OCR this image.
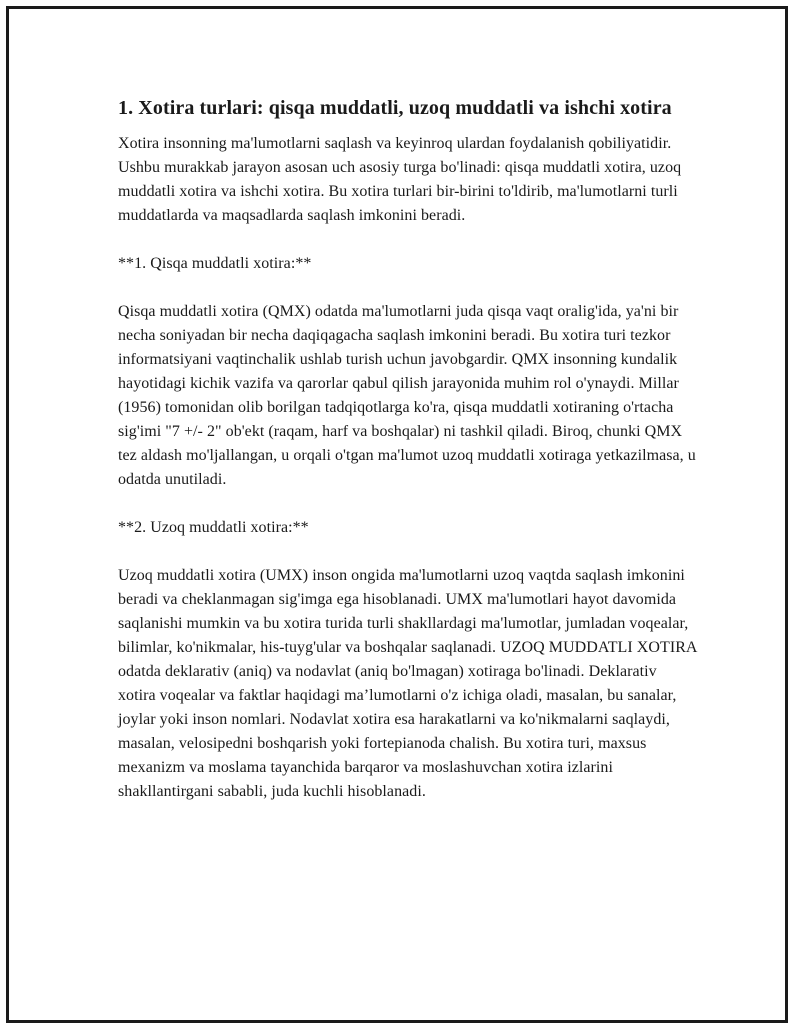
1. Xotira turlari: qisqa muddatli, uzoq muddatli va ishchi xotira

Xotira insonning ma'lumotlarni saqlash va keyinroq ulardan foydalanish qobiliyatidir. Ushbu murakkab jarayon asosan uch asosiy turga bo'linadi: qisqa muddatli xotira, uzoq muddatli xotira va ishchi xotira. Bu xotira turlari bir-birini to'ldirib, ma'lumotlarni turli muddatlarda va maqsadlarda saqlash imkonini beradi.

**1. Qisqa muddatli xotira:**

Qisqa muddatli xotira (QMX) odatda ma'lumotlarni juda qisqa vaqt oralig'ida, ya'ni bir necha soniyadan bir necha daqiqagacha saqlash imkonini beradi. Bu xotira turi tezkor informatsiyani vaqtinchalik ushlab turish uchun javobgardir. QMX insonning kundalik hayotidagi kichik vazifa va qarorlar qabul qilish jarayonida muhim rol o'ynaydi. Millar (1956) tomonidan olib borilgan tadqiqotlarga ko'ra, qisqa muddatli xotiraning o'rtacha sig'imi "7 +/- 2" ob'ekt (raqam, harf va boshqalar) ni tashkil qiladi. Biroq, chunki QMX tez aldash mo'ljallangan, u orqali o'tgan ma'lumot uzoq muddatli xotiraga yetkazilmasa, u odatda unutiladi.

**2. Uzoq muddatli xotira:**

Uzoq muddatli xotira (UMX) inson ongida ma'lumotlarni uzoq vaqtda saqlash imkonini beradi va cheklanmagan sig'imga ega hisoblanadi. UMX ma'lumotlari hayot davomida saqlanishi mumkin va bu xotira turida turli shakllardagi ma'lumotlar, jumladan voqealar, bilimlar, ko'nikmalar, his-tuyg'ular va boshqalar saqlanadi. UZOQ MUDDATLI XOTIRA odatda deklarativ (aniq) va nodavlat (aniq bo'lmagan) xotiraga bo'linadi. Deklarativ xotira voqealar va faktlar haqidagi ma’lumotlarni o'z ichiga oladi, masalan, bu sanalar, joylar yoki inson nomlari. Nodavlat xotira esa harakatlarni va ko'nikmalarni saqlaydi, masalan, velosipedni boshqarish yoki fortepianoda chalish. Bu xotira turi, maxsus mexanizm va moslama tayanchida barqaror va moslashuvchan xotira izlarini shakllantirgani sababli, juda kuchli hisoblanadi.
